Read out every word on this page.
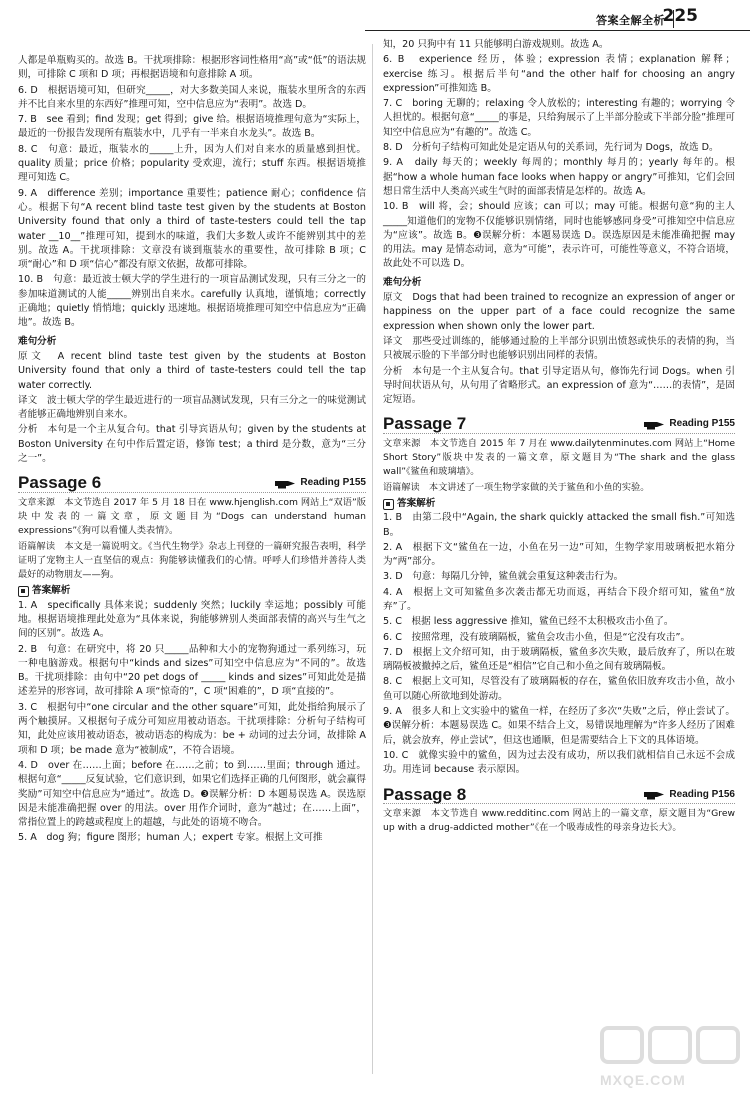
答案全解全析
225
人都是单瓶购买的。故选 B。干扰项排除：根据形容词性格用“高”或“低”的语法规则，可排除 C 项和 D 项；再根据语境和句意排除 A 项。
6. D　根据语境可知，但研究_____，对大多数美国人来说，瓶装水里所含的东西并不比自来水里的东西好”推理可知，空中信息应为“表明”。故选 D。
7. B　see 看到；find 发现；get 得到；give 给。根据语境推理句意为“实际上，最近的一份报告发现所有瓶装水中，几乎有一半来自水龙头”。故选 B。
8. C　句意：最近，瓶装水的_____上升，因为人们对自来水的质量感到担忧。quality 质量；price 价格；popularity 受欢迎，流行；stuff 东西。根据语境推理可知选 C。
9. A　difference 差别；importance 重要性；patience 耐心；confidence 信心。根据下句“A recent blind taste test given by the students at Boston University found that only a third of taste-testers could tell the tap water __10__”推理可知，提到水的味道，我们大多数人或许不能辨别其中的差别。故选 A。干扰项排除：文章没有谈到瓶装水的重要性，故可排除 B 项；C 项“耐心”和 D 项“信心”都没有原文依据，故都可排除。
10. B　句意：最近波士顿大学的学生进行的一项盲品测试发现，只有三分之一的参加味道测试的人能_____辨别出自来水。carefully 认真地，谨慎地；correctly 正确地；quietly 悄悄地；quickly 迅速地。根据语境推理可知空中信息应为“正确地”。故选 B。
难句分析
原文　A recent blind taste test given by the students at Boston University found that only a third of taste-testers could tell the tap water correctly.
译文　波士顿大学的学生最近进行的一项盲品测试发现，只有三分之一的味觉测试者能够正确地辨别自来水。
分析　本句是一个主从复合句。that 引导宾语从句；given by the students at Boston University 在句中作后置定语，修饰 test；a third 是分数，意为“三分之一”。
Passage 6	Reading P155
文章来源　本文节选自 2017 年 5 月 18 日在 www.hjenglish.com 网站上“双语”版块中发表的一篇文章，原文题目为“Dogs can understand human expressions”《狗可以看懂人类表情》。
语篇解读　本文是一篇说明文。《当代生物学》杂志上刊登的一篇研究报告表明，科学证明了宠物主人一直坚信的观点：狗能够读懂我们的心情。呼呼人们珍惜并善待人类最好的动物朋友——狗。
答案解析
1. A　specifically 具体来说；suddenly 突然；luckily 幸运地；possibly 可能地。根据语境推理此处意为“具体来说，狗能够辨别人类面部表情的高兴与生气之间的区别”。故选 A。
2. B　句意：在研究中，将 20 只_____品种和大小的宠物狗通过一系列练习，玩一种电脑游戏。根据句中“kinds and sizes”可知空中信息应为“不同的”。故选 B。干扰项排除：由句中“20 pet dogs of _____ kinds and sizes”可知此处是描述差异的形容词，故可排除 A 项“惊奇的”，C 项“困难的”，D 项“直接的”。
3. C　根据句中“one circular and the other square”可知，此处指给狗展示了两个触摸屏。又根据句子成分可知应用被动语态。干扰项排除：分析句子结构可知，此处应该用被动语态，被动语态的构成为：be + 动词的过去分词，故排除 A 项和 D 项；be made 意为“被制成”，不符合语境。
4. D　over 在……上面；before 在……之前；to 到……里面；through 通过。根据句意“_____反复试验，它们意识到，如果它们选择正确的几何图形，就会赢得奖励”可知空中信息应为“通过”。故选 D。❸误解分析：D 本题易误选 A。误选原因是未能准确把握 over 的用法。over 用作介词时，意为“越过；在……上面”，常指位置上的跨越或程度上的超越，与此处的语境不吻合。
5. A　dog 狗；figure 图形；human 人；expert 专家。根据上文可推
知，20 只狗中有 11 只能够明白游戏规则。故选 A。
6. B　experience 经历，体验；expression 表情；explanation 解释；exercise 练习。根据后半句“and the other half for choosing an angry expression”可推知选 B。
7. C　boring 无聊的；relaxing 令人放松的；interesting 有趣的；worrying 令人担忧的。根据句意“_____的事是，只给狗展示了上半部分脸或下半部分脸”推理可知空中信息应为“有趣的”。故选 C。
8. D　分析句子结构可知此处是定语从句的关系词，先行词为 Dogs，故选 D。
9. A　daily 每天的；weekly 每周的；monthly 每月的；yearly 每年的。根据“how a whole human face looks when happy or angry”可推知，它们会回想日常生活中人类高兴或生气时的面部表情是怎样的。故选 A。
10. B　will 将，会；should 应该；can 可以；may 可能。根据句意“狗的主人_____知道他们的宠物不仅能够识别情绪，同时也能够感同身受”可推知空中信息应为“应该”。故选 B。❸误解分析：本题易误选 D。误选原因是未能准确把握 may 的用法。may 是情态动词，意为“可能”，表示许可，可能性等意义，不符合语境，故此处不可以选 D。
难句分析
原文　Dogs that had been trained to recognize an expression of anger or happiness on the upper part of a face could recognize the same expression when shown only the lower part.
译文　那些受过训练的，能够通过脸的上半部分识别出愤怒或快乐的表情的狗，当只被展示脸的下半部分时也能够识别出同样的表情。
分析　本句是一个主从复合句。that 引导定语从句，修饰先行词 Dogs。when 引导时间状语从句，从句用了省略形式。an expression of 意为“……的表情”，是固定短语。
Passage 7	Reading P155
文章来源　本文节选自 2015 年 7 月在 www.dailytenminutes.com 网站上“Home Short Story”版块中发表的一篇文章，原文题目为“The shark and the glass wall”《鲨鱼和玻璃墙》。
语篇解读　本文讲述了一项生物学家做的关于鲨鱼和小鱼的实验。
答案解析
1. B　由第二段中“Again, the shark quickly attacked the small fish.”可知选 B。
2. A　根据下文“鲨鱼在一边，小鱼在另一边”可知，生物学家用玻璃板把水箱分为“两”部分。
3. D　句意：每隔几分钟，鲨鱼就会重复这种袭击行为。
4. A　根据上文可知鲨鱼多次袭击都无功而返，再结合下段介绍可知，鲨鱼“放弃”了。
5. C　根据 less aggressive 推知，鲨鱼已经不太积极攻击小鱼了。
6. C　按照常理，没有玻璃隔板，鲨鱼会攻击小鱼，但是“它没有攻击”。
7. D　根据上文介绍可知，由于玻璃隔板，鲨鱼多次失败，最后放弃了，所以在玻璃隔板被撤掉之后，鲨鱼还是“相信”它自己和小鱼之间有玻璃隔板。
8. C　根据上文可知，尽管没有了玻璃隔板的存在，鲨鱼依旧放弃攻击小鱼，故小鱼可以随心所欲地到处游动。
9. A　很多人和上文实验中的鲨鱼一样，在经历了多次“失败”之后，停止尝试了。❸误解分析：本题易误选 C。如果不结合上文，易错误地理解为“许多人经历了困难后，就会放弃，停止尝试”，但这也通顺，但是需要结合上下文的具体语境。
10. C　就像实验中的鲨鱼，因为过去没有成功，所以我们就相信自己永远不会成功。用连词 because 表示原因。
Passage 8	Reading P156
文章来源　本文节选自 www.redditinc.com 网站上的一篇文章，原文题目为“Grew up with a drug-addicted mother”《在一个吸毒成性的母亲身边长大》。
MXQE.COM
